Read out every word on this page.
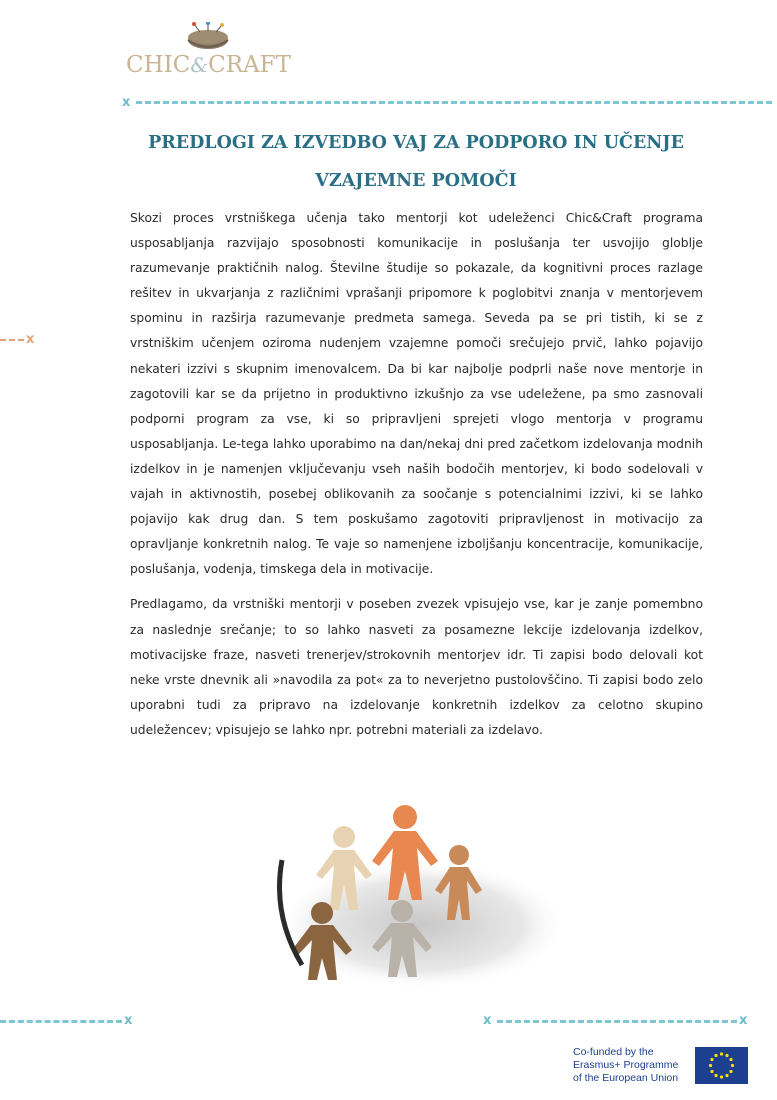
CHIC&CRAFT
x
x
PREDLOGI ZA IZVEDBO VAJ ZA PODPORO IN UČENJE
VZAJEMNE POMOČI

Skozi proces vrstniškega učenja tako mentorji kot udeleženci Chic&Craft programa usposabljanja razvijajo sposobnosti komunikacije in poslušanja ter usvojijo globlje razumevanje praktičnih nalog. Številne študije so pokazale, da kognitivni proces razlage rešitev in ukvarjanja z različnimi vprašanji pripomore k poglobitvi znanja v mentorjevem spominu in razširja razumevanje predmeta samega. Seveda pa se pri tistih, ki se z vrstniškim učenjem oziroma nudenjem vzajemne pomoči srečujejo prvič, lahko pojavijo nekateri izzivi s skupnim imenovalcem. Da bi kar najbolje podprli naše nove mentorje in zagotovili kar se da prijetno in produktivno izkušnjo za vse udeležene, pa smo zasnovali podporni program za vse, ki so pripravljeni sprejeti vlogo mentorja v programu usposabljanja. Le-tega lahko uporabimo na dan/nekaj dni pred začetkom izdelovanja modnih izdelkov in je namenjen vključevanju vseh naših bodočih mentorjev, ki bodo sodelovali v vajah in aktivnostih, posebej oblikovanih za soočanje s potencialnimi izzivi, ki se lahko pojavijo kak drug dan. S tem poskušamo zagotoviti pripravljenost in motivacijo za opravljanje konkretnih nalog. Te vaje so namenjene izboljšanju koncentracije, komunikacije, poslušanja, vodenja, timskega dela in motivacije.

Predlagamo, da vrstniški mentorji v poseben zvezek vpisujejo vse, kar je zanje pomembno za naslednje srečanje; to so lahko nasveti za posamezne lekcije izdelovanja izdelkov, motivacijske fraze, nasveti trenerjev/strokovnih mentorjev idr. Ti zapisi bodo delovali kot neke vrste dnevnik ali »navodila za pot« za to neverjetno pustolovščino. Ti zapisi bodo zelo uporabni tudi za pripravo na izdelovanje konkretnih izdelkov za celotno skupino udeležencev; vpisujejo se lahko npr. potrebni materiali za izdelavo.

x	x	x
Co-funded by the
Erasmus+ Programme
of the European Union
